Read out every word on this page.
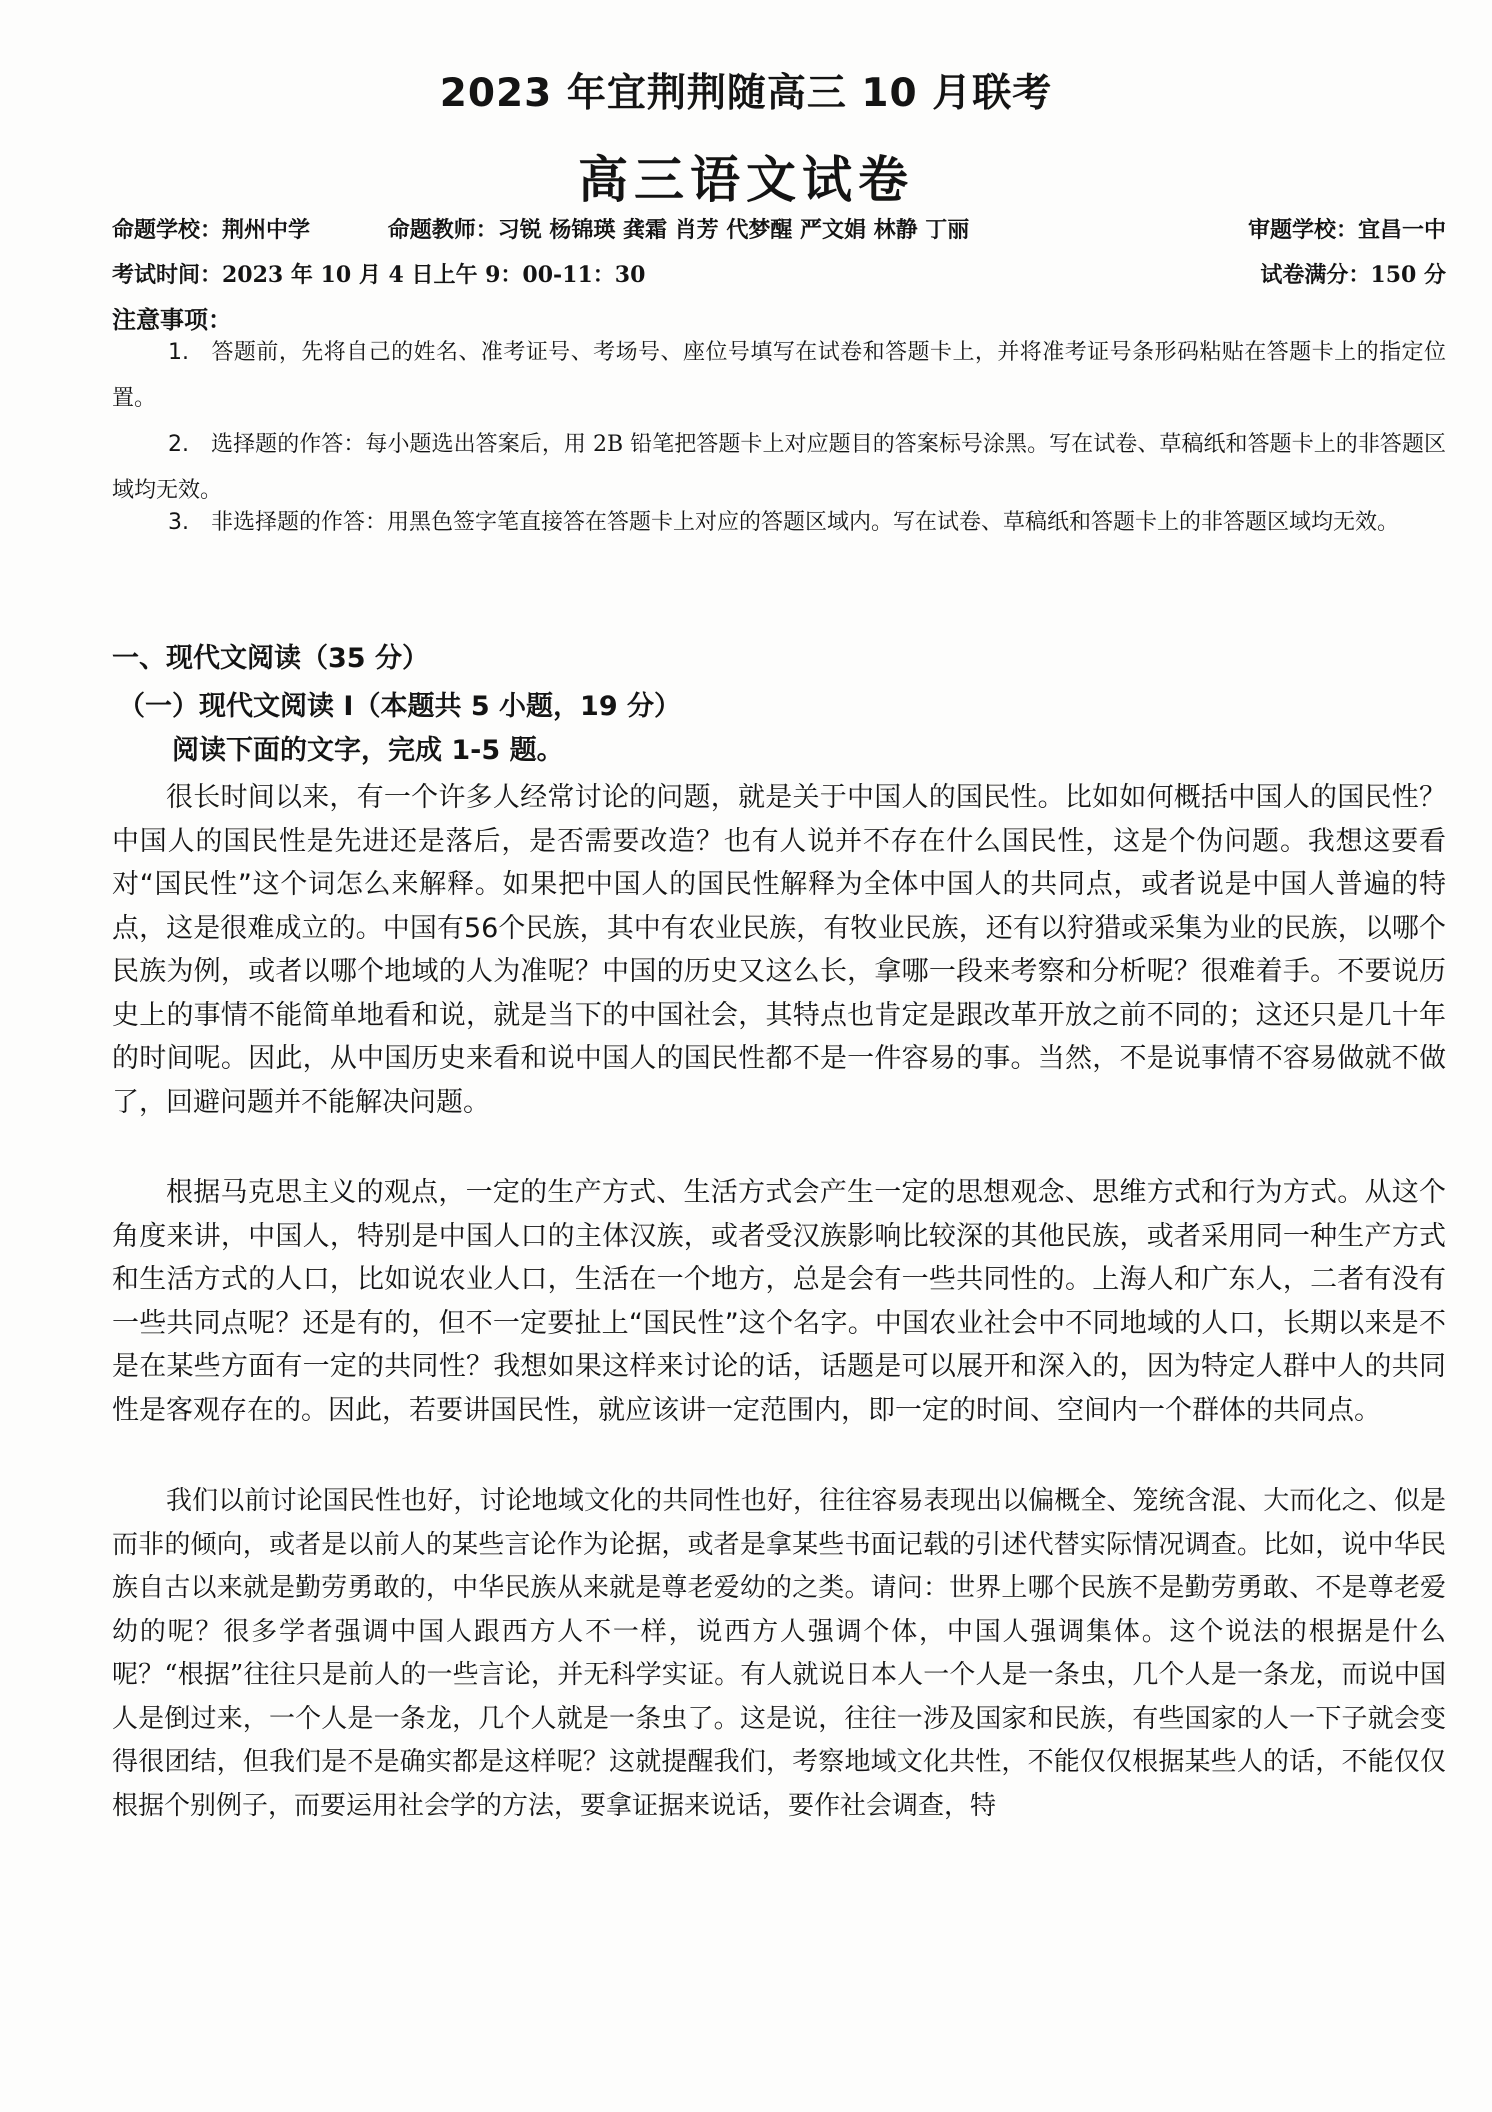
2023 年宜荆荆随高三 10 月联考
高三语文试卷
命题学校：荆州中学	命题教师：习锐 杨锦瑛 龚霜 肖芳 代梦醒 严文娟 林静 丁丽	审题学校：宜昌一中
考试时间：2023 年 10 月 4 日上午 9：00-11：30	试卷满分：150 分
注意事项：
1. 答题前，先将自己的姓名、准考证号、考场号、座位号填写在试卷和答题卡上，并将准考证号条形码粘贴在答题卡上的指定位置。
2. 选择题的作答：每小题选出答案后，用 2B 铅笔把答题卡上对应题目的答案标号涂黑。写在试卷、草稿纸和答题卡上的非答题区域均无效。
3. 非选择题的作答：用黑色签字笔直接答在答题卡上对应的答题区域内。写在试卷、草稿纸和答题卡上的非答题区域均无效。
一、现代文阅读（35 分）
（一）现代文阅读 I（本题共 5 小题，19 分）
阅读下面的文字，完成 1-5 题。

很长时间以来，有一个许多人经常讨论的问题，就是关于中国人的国民性。比如如何概括中国人的国民性？中国人的国民性是先进还是落后，是否需要改造？也有人说并不存在什么国民性，这是个伪问题。我想这要看对“国民性”这个词怎么来解释。如果把中国人的国民性解释为全体中国人的共同点，或者说是中国人普遍的特点，这是很难成立的。中国有56个民族，其中有农业民族，有牧业民族，还有以狩猎或采集为业的民族，以哪个民族为例，或者以哪个地域的人为准呢？中国的历史又这么长，拿哪一段来考察和分析呢？很难着手。不要说历史上的事情不能简单地看和说，就是当下的中国社会，其特点也肯定是跟改革开放之前不同的；这还只是几十年的时间呢。因此，从中国历史来看和说中国人的国民性都不是一件容易的事。当然，不是说事情不容易做就不做了，回避问题并不能解决问题。

根据马克思主义的观点，一定的生产方式、生活方式会产生一定的思想观念、思维方式和行为方式。从这个角度来讲，中国人，特别是中国人口的主体汉族，或者受汉族影响比较深的其他民族，或者采用同一种生产方式和生活方式的人口，比如说农业人口，生活在一个地方，总是会有一些共同性的。上海人和广东人，二者有没有一些共同点呢？还是有的，但不一定要扯上“国民性”这个名字。中国农业社会中不同地域的人口，长期以来是不是在某些方面有一定的共同性？我想如果这样来讨论的话，话题是可以展开和深入的，因为特定人群中人的共同性是客观存在的。因此，若要讲国民性，就应该讲一定范围内，即一定的时间、空间内一个群体的共同点。

我们以前讨论国民性也好，讨论地域文化的共同性也好，往往容易表现出以偏概全、笼统含混、大而化之、似是而非的倾向，或者是以前人的某些言论作为论据，或者是拿某些书面记载的引述代替实际情况调查。比如，说中华民族自古以来就是勤劳勇敢的，中华民族从来就是尊老爱幼的之类。请问：世界上哪个民族不是勤劳勇敢、不是尊老爱幼的呢？很多学者强调中国人跟西方人不一样，说西方人强调个体，中国人强调集体。这个说法的根据是什么呢？“根据”往往只是前人的一些言论，并无科学实证。有人就说日本人一个人是一条虫，几个人是一条龙，而说中国人是倒过来，一个人是一条龙，几个人就是一条虫了。这是说，往往一涉及国家和民族，有些国家的人一下子就会变得很团结，但我们是不是确实都是这样呢？这就提醒我们，考察地域文化共性，不能仅仅根据某些人的话，不能仅仅根据个别例子，而要运用社会学的方法，要拿证据来说话，要作社会调查，特
